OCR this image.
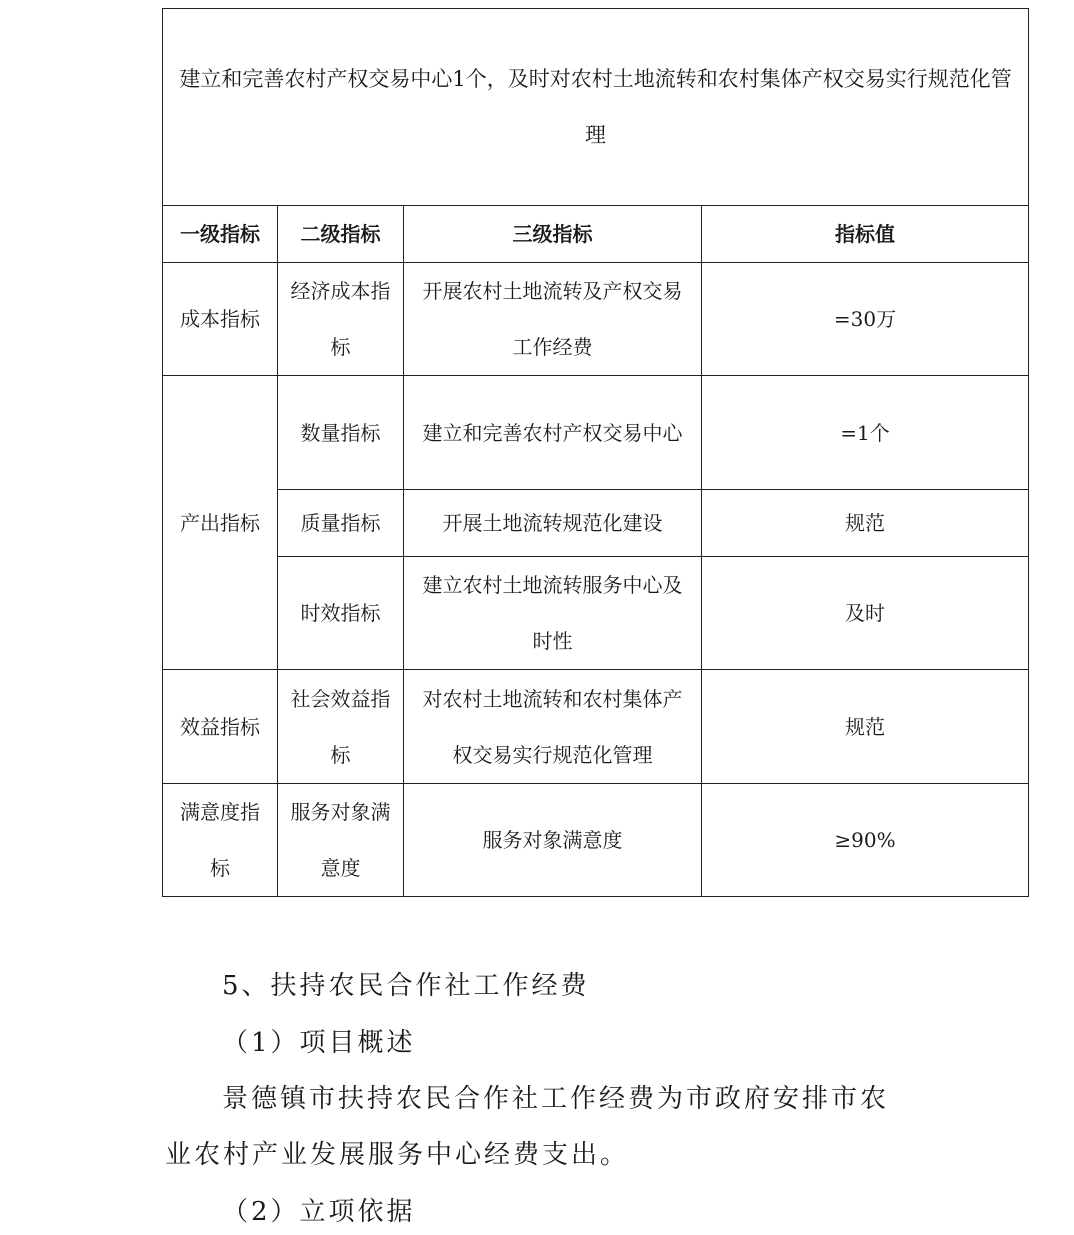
建立和完善农村产权交易中心1个，及时对农村土地流转和农村集体产权交易实行规范化管理			
一级指标	二级指标	三级指标	指标值
成本指标	经济成本指标	开展农村土地流转及产权交易工作经费	=30万
产出指标	数量指标	建立和完善农村产权交易中心	=1个
	质量指标	开展土地流转规范化建设	规范
	时效指标	建立农村土地流转服务中心及时性	及时
效益指标	社会效益指标	对农村土地流转和农村集体产权交易实行规范化管理	规范
满意度指标	服务对象满意度	服务对象满意度	≥90%
5、扶持农民合作社工作经费
（1）项目概述
景德镇市扶持农民合作社工作经费为市政府安排市农
业农村产业发展服务中心经费支出。
（2）立项依据
